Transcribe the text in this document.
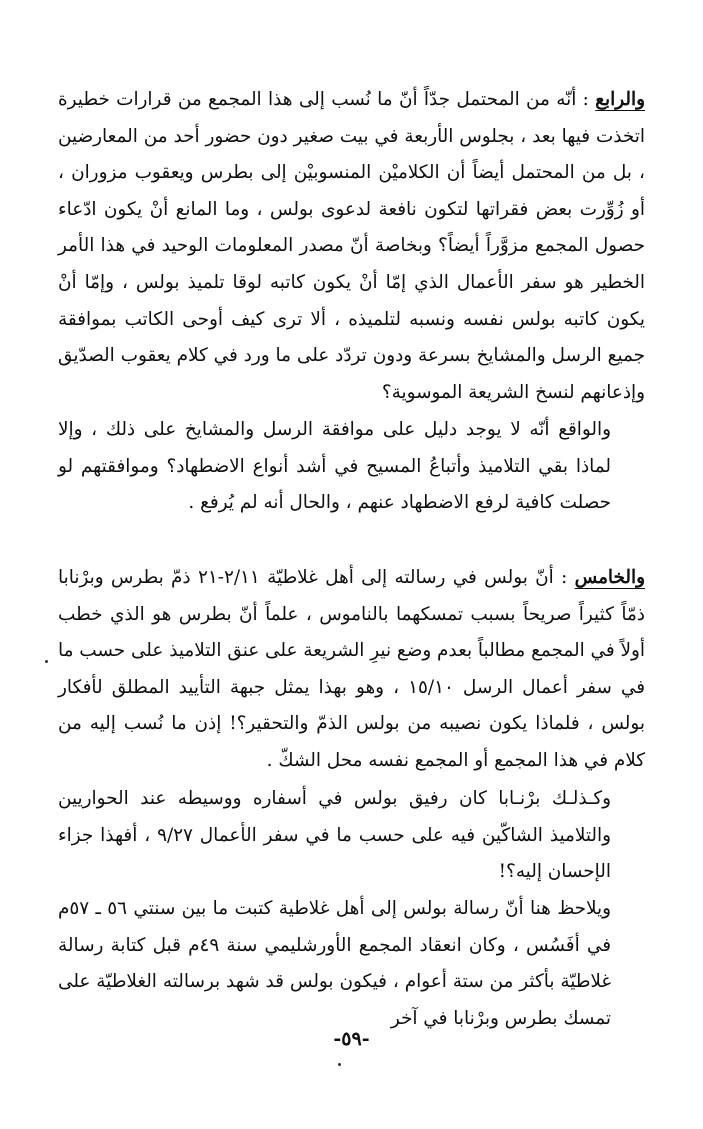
والرابع : أنّه من المحتمل جدّاً أنّ ما نُسب إلى هذا المجمع من قرارات خطيرة اتخذت فيها بعد ، بجلوس الأربعة في بيت صغير دون حضور أحد من المعارضين ، بل من المحتمل أيضاً أن الكلاميْن المنسوبيْن إلى بطرس ويعقوب مزوران ، أو زُوِّرت بعض فقراتها لتكون نافعة لدعوى بولس ، وما المانع أنْ يكون ادّعاء حصول المجمع مزوَّراً أيضاً؟ وبخاصة أنّ مصدر المعلومات الوحيد في هذا الأمر الخطير هو سفر الأعمال الذي إمّا أنْ يكون كاتبه لوقا تلميذ بولس ، وإمّا أنْ يكون كاتبه بولس نفسه ونسبه لتلميذه ، ألا ترى كيف أوحى الكاتب بموافقة جميع الرسل والمشايخ بسرعة ودون تردّد على ما ورد في كلام يعقوب الصدّيق وإذعانهم لنسخ الشريعة الموسوية؟

والواقع أنّه لا يوجد دليل على موافقة الرسل والمشايخ على ذلك ، وإلا لماذا بقي التلاميذ وأتباعُ المسيح في أشد أنواع الاضطهاد؟ وموافقتهم لو حصلت كافية لرفع الاضطهاد عنهم ، والحال أنه لم يُرفع .

والخامس : أنّ بولس في رسالته إلى أهل غلاطيّة ٢/١١-٢١ ذمّ بطرس وبرْنابا ذمّاً كثيراً صريحاً بسبب تمسكهما بالناموس ، علماً أنّ بطرس هو الذي خطب أولاً في المجمع مطالباً بعدم وضع نيرِ الشريعة على عنق التلاميذ على حسب ما في سفر أعمال الرسل ١٥/١٠ ، وهو بهذا يمثل جبهة التأييد المطلق لأفكار بولس ، فلماذا يكون نصيبه من بولس الذمّ والتحقير؟! إذن ما نُسب إليه من كلام في هذا المجمع أو المجمع نفسه محل الشكّ .

وكـذلـك برْنـابا كان رفيق بولس في أسفاره ووسيطه عند الحواريين والتلاميذ الشاكّين فيه على حسب ما في سفر الأعمال ٩/٢٧ ، أفهذا جزاء الإحسان إليه؟!

ويلاحظ هنا أنّ رسالة بولس إلى أهل غلاطية كتبت ما بين سنتي ٥٦ ـ ٥٧م في أفَسُس ، وكان انعقاد المجمع الأورشليمي سنة ٤٩م قبل كتابة رسالة غلاطيّة بأكثر من ستة أعوام ، فيكون بولس قد شهد برسالته الغلاطيّة على تمسك بطرس وبرْنابا في آخر

-٥٩-
